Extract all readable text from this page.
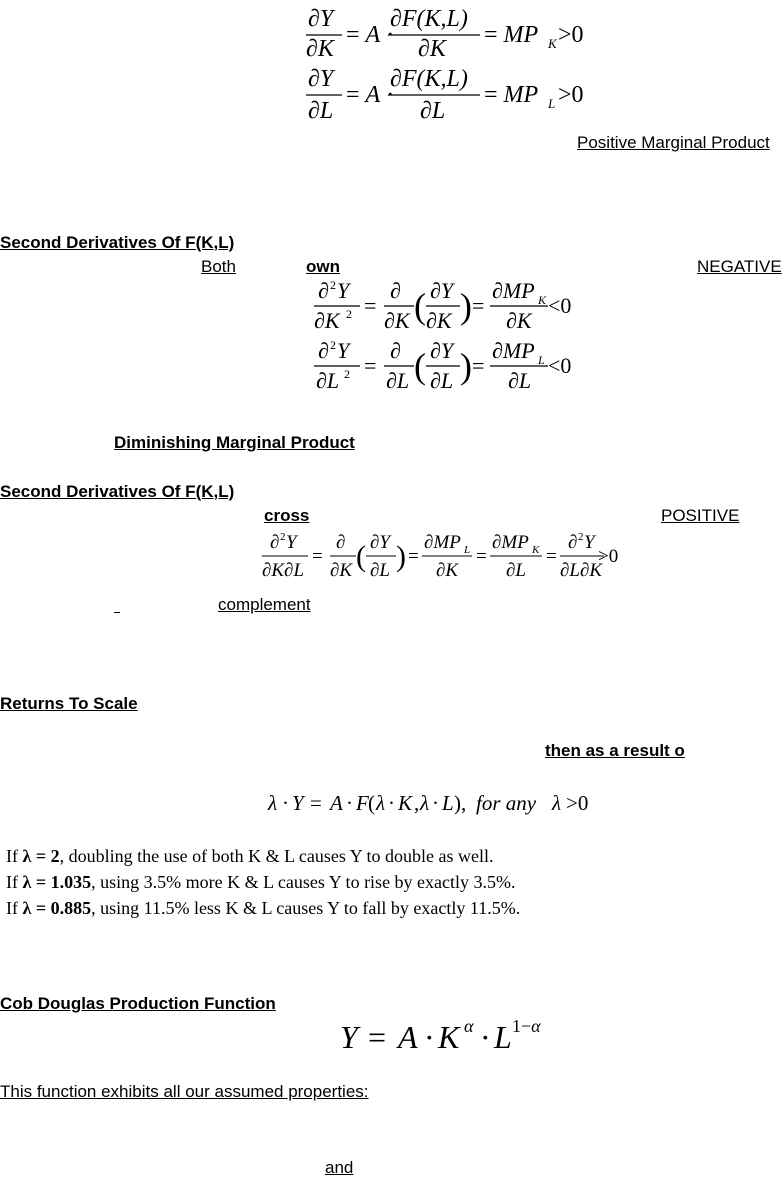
∂Y
∂K
= A ·
∂F(K,L)
∂K
= MP K >0
∂Y
∂L
= A ·
∂F(K,L)
∂L
= MP L >0
Positive Marginal Product
Second Derivatives Of F(K,L)
Both	own	NEGATIVE
∂ 2 Y
∂K 2 =
∂
∂K ( ∂Y
∂K ) =
∂MP K
∂K
<0
∂ 2 Y
∂L 2 =
∂
∂L ( ∂Y
∂L ) =
∂MP L
∂L
<0
Diminishing Marginal Product
Second Derivatives Of F(K,L)
cross	POSITIVE
∂ 2 Y
∂K∂L
=
∂
∂K ( ∂Y
∂L ) =
∂MP L
∂K
=
∂MP K
∂L
=
∂ 2 Y
∂L∂K
>0
complement
Returns To Scale
then as a result o
λ · Y = A · F ( λ · K , λ · L ), for any λ >0
If λ = 2, doubling the use of both K & L causes Y to double as well.
If λ = 1.035, using 3.5% more K & L causes Y to rise by exactly 3.5%.
If λ = 0.885, using 11.5% less K & L causes Y to fall by exactly 11.5%.
Cob Douglas Production Function
Y = A · K α · L 1−α
This function exhibits all our assumed properties:
and
